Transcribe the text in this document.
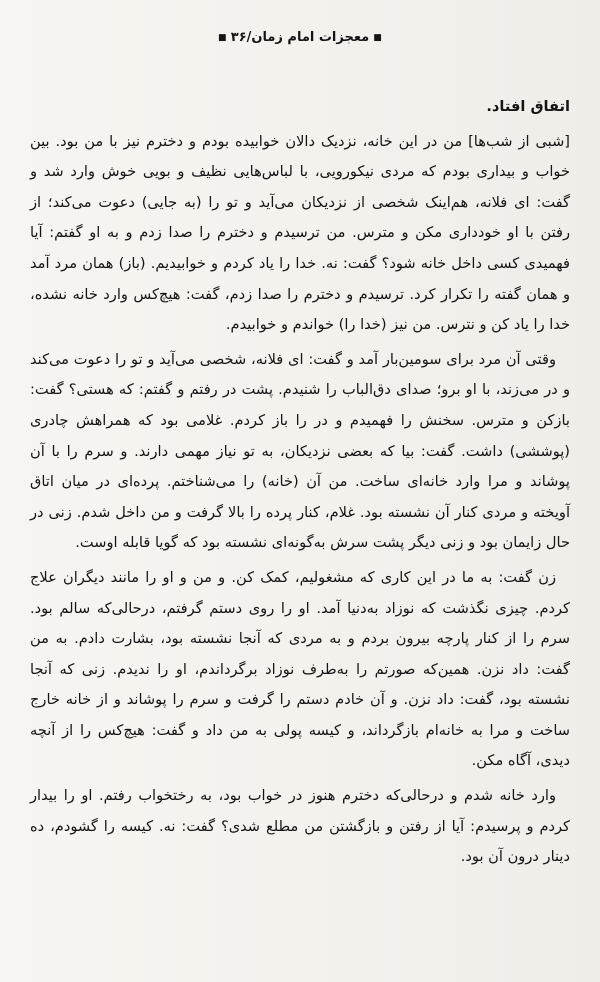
■معجزات امام زمان/۳۶■

اتفاق افتاد.

[شبی از شب‌ها] من در این خانه، نزدیک دالان خوابیده بودم و دخترم نیز با من بود. بین خواب و بیداری بودم که مردی نیکورویی، با لباس‌هایی نظیف و بویی خوش وارد شد و گفت: ای فلانه، هم‌اینک شخصی از نزدیکان می‌آید و تو را (به جایی) دعوت می‌کند؛ از رفتن با او خودداری مکن و مترس. من ترسیدم و دخترم را صدا زدم و به او گفتم: آیا فهمیدی کسی داخل خانه شود؟ گفت: نه. خدا را یاد کردم و خوابیدیم. (باز) همان مرد آمد و همان گفته را تکرار کرد. ترسیدم و دخترم را صدا زدم، گفت: هیچ‌کس وارد خانه نشده، خدا را یاد کن و نترس. من نیز (خدا را) خواندم و خوابیدم.

وقتی آن مرد برای سومین‌بار آمد و گفت: ای فلانه، شخصی می‌آید و تو را دعوت می‌کند و در می‌زند، با او برو؛ صدای دق‌الباب را شنیدم. پشت در رفتم و گفتم: که هستی؟ گفت: بازکن و مترس. سخنش را فهمیدم و در را باز کردم. غلامی بود که همراهش چادری (پوششی) داشت. گفت: بیا که بعضی نزدیکان، به تو نیاز مهمی دارند. و سرم را با آن پوشاند و مرا وارد خانه‌ای ساخت. من آن (خانه) را می‌شناختم. پرده‌ای در میان اتاق آویخته و مردی کنار آن نشسته بود. غلام، کنار پرده را بالا گرفت و من داخل شدم. زنی در حال زایمان بود و زنی دیگر پشت سرش به‌گونه‌ای نشسته بود که گویا قابله اوست.

زن گفت: به ما در این کاری که مشغولیم، کمک کن. و من و او را مانند دیگران علاج کردم. چیزی نگذشت که نوزاد به‌دنیا آمد. او را روی دستم گرفتم، درحالی‌که سالم بود. سرم را از کنار پارچه بیرون بردم و به مردی که آنجا نشسته بود، بشارت دادم. به من گفت: داد نزن. همین‌که صورتم را به‌طرف نوزاد برگرداندم، او را ندیدم. زنی که آنجا نشسته بود، گفت: داد نزن. و آن خادم دستم را گرفت و سرم را پوشاند و از خانه خارج ساخت و مرا به خانه‌ام بازگرداند، و کیسه پولی به من داد و گفت: هیچ‌کس را از آنچه دیدی، آگاه مکن.

وارد خانه شدم و درحالی‌که دخترم هنوز در خواب بود، به رختخواب رفتم. او را بیدار کردم و پرسیدم: آیا از رفتن و بازگشتن من مطلع شدی؟ گفت: نه. کیسه را گشودم، ده دینار درون آن بود.
